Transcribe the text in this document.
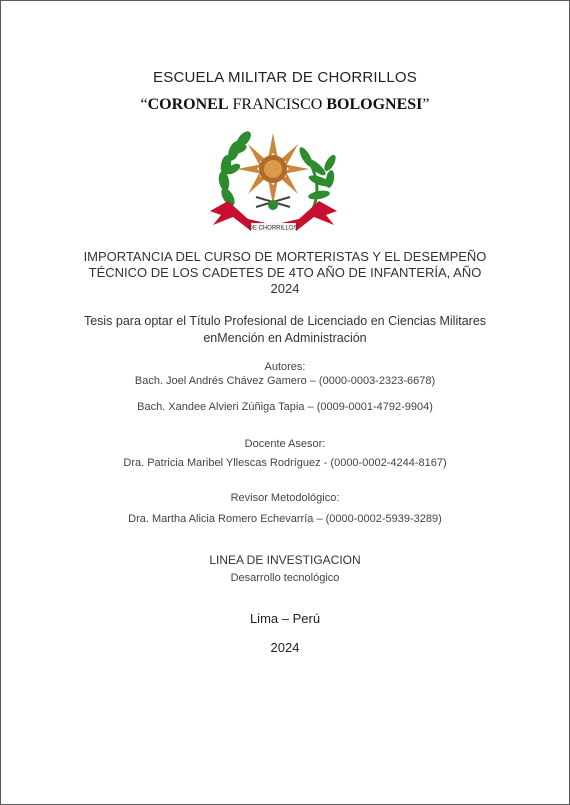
ESCUELA MILITAR DE CHORRILLOS
“CORONEL FRANCISCO BOLOGNESI”
DE CHORRILLOS
IMPORTANCIA DEL CURSO DE MORTERISTAS Y EL DESEMPEÑO
TÉCNICO DE LOS CADETES DE 4TO AÑO DE INFANTERÍA, AÑO
2024
Tesis para optar el Título Profesional de Licenciado en Ciencias Militares
enMención en Administración
Autores:
Bach. Joel Andrés Chávez Gamero – (0000-0003-2323-6678)
Bach. Xandee Alvieri Zúñiga Tapia – (0009-0001-4792-9904)
Docente Asesor:
Dra. Patricia Maribel Yllescas Rodríguez - (0000-0002-4244-8167)
Revisor Metodológico:
Dra. Martha Alicia Romero Echevarría – (0000-0002-5939-3289)
LINEA DE INVESTIGACION
Desarrollo tecnológico
Lima – Perú
2024
